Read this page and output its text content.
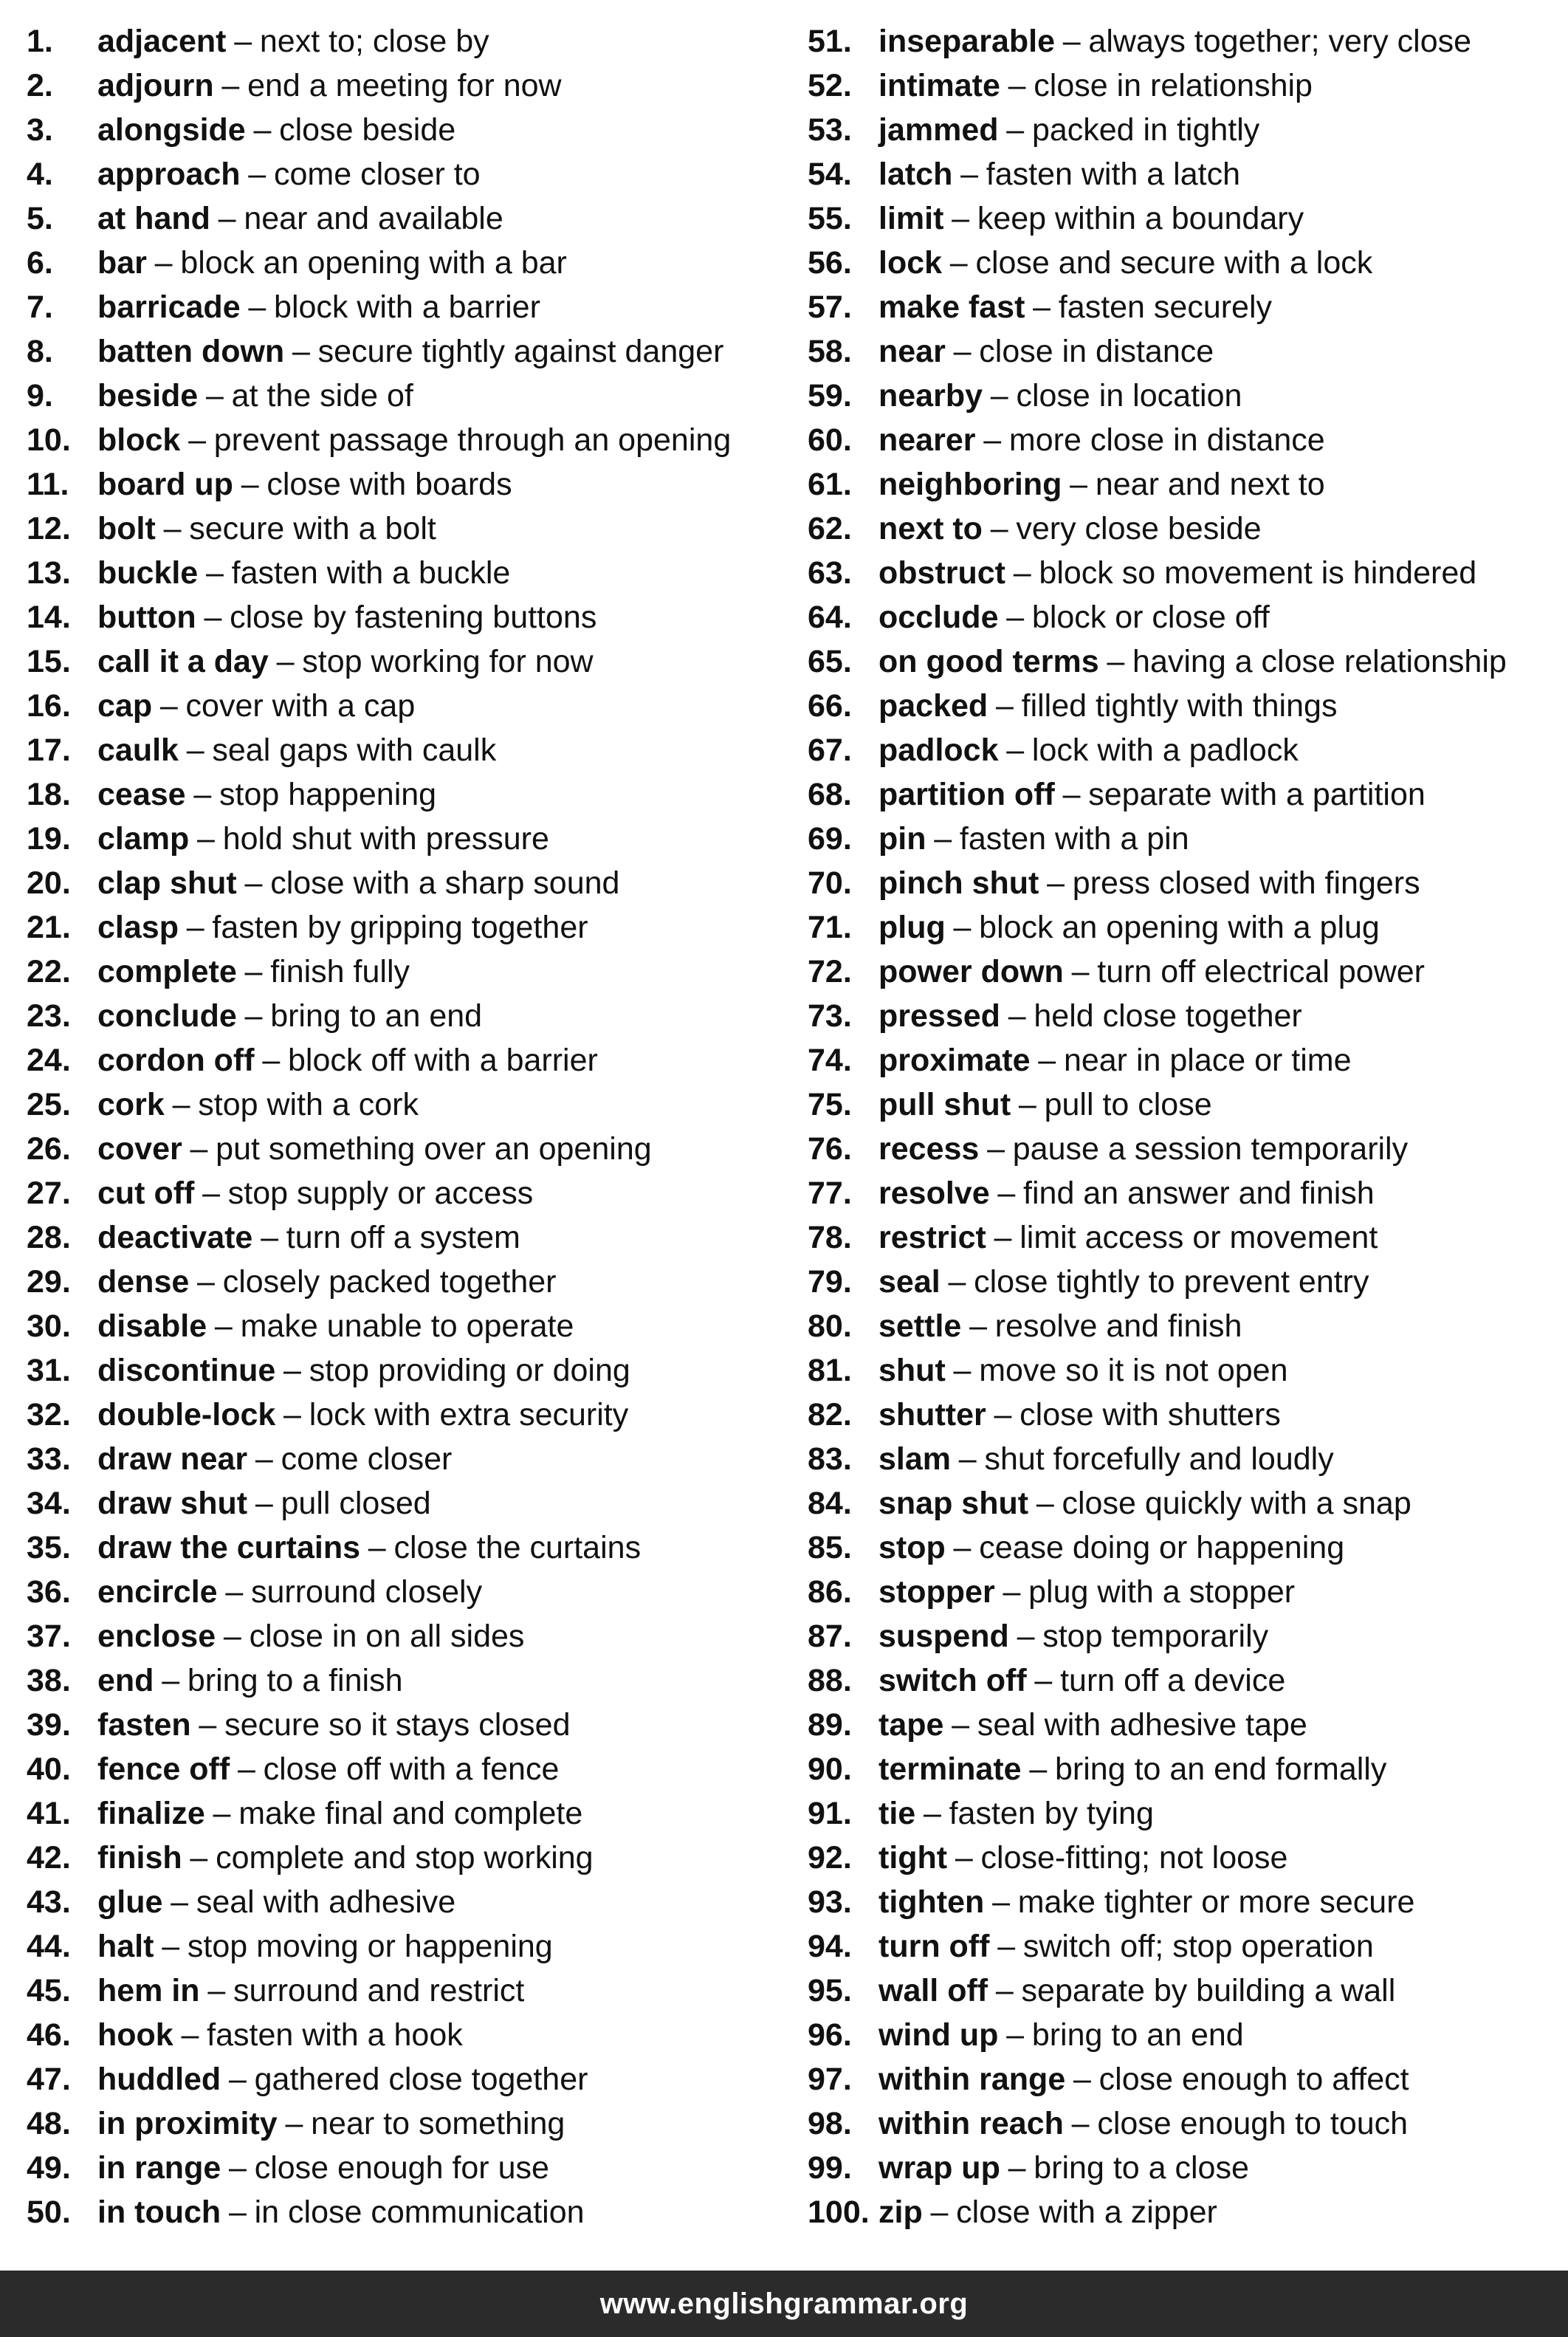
1.	adjacent – next to; close by
2.	adjourn – end a meeting for now
3.	alongside – close beside
4.	approach – come closer to
5.	at hand – near and available
6.	bar – block an opening with a bar
7.	barricade – block with a barrier
8.	batten down – secure tightly against danger
9.	beside – at the side of
10. block – prevent passage through an opening
11. board up – close with boards
12. bolt – secure with a bolt
13. buckle – fasten with a buckle
14. button – close by fastening buttons
15. call it a day – stop working for now
16. cap – cover with a cap
17. caulk – seal gaps with caulk
18. cease – stop happening
19. clamp – hold shut with pressure
20. clap shut – close with a sharp sound
21. clasp – fasten by gripping together
22. complete – finish fully
23. conclude – bring to an end
24. cordon off – block off with a barrier
25. cork – stop with a cork
26. cover – put something over an opening
27. cut off – stop supply or access
28. deactivate – turn off a system
29. dense – closely packed together
30. disable – make unable to operate
31. discontinue – stop providing or doing
32. double-lock – lock with extra security
33. draw near – come closer
34. draw shut – pull closed
35. draw the curtains – close the curtains
36. encircle – surround closely
37. enclose – close in on all sides
38. end – bring to a finish
39. fasten – secure so it stays closed
40. fence off – close off with a fence
41. finalize – make final and complete
42. finish – complete and stop working
43. glue – seal with adhesive
44. halt – stop moving or happening
45. hem in – surround and restrict
46. hook – fasten with a hook
47. huddled – gathered close together
48. in proximity – near to something
49. in range – close enough for use
50. in touch – in close communication
51. inseparable – always together; very close
52. intimate – close in relationship
53. jammed – packed in tightly
54. latch – fasten with a latch
55. limit – keep within a boundary
56. lock – close and secure with a lock
57. make fast – fasten securely
58. near – close in distance
59. nearby – close in location
60. nearer – more close in distance
61. neighboring – near and next to
62. next to – very close beside
63. obstruct – block so movement is hindered
64. occlude – block or close off
65. on good terms – having a close relationship
66. packed – filled tightly with things
67. padlock – lock with a padlock
68. partition off – separate with a partition
69. pin – fasten with a pin
70. pinch shut – press closed with fingers
71. plug – block an opening with a plug
72. power down – turn off electrical power
73. pressed – held close together
74. proximate – near in place or time
75. pull shut – pull to close
76. recess – pause a session temporarily
77. resolve – find an answer and finish
78. restrict – limit access or movement
79. seal – close tightly to prevent entry
80. settle – resolve and finish
81. shut – move so it is not open
82. shutter – close with shutters
83. slam – shut forcefully and loudly
84. snap shut – close quickly with a snap
85. stop – cease doing or happening
86. stopper – plug with a stopper
87. suspend – stop temporarily
88. switch off – turn off a device
89. tape – seal with adhesive tape
90. terminate – bring to an end formally
91. tie – fasten by tying
92. tight – close-fitting; not loose
93. tighten – make tighter or more secure
94. turn off – switch off; stop operation
95. wall off – separate by building a wall
96. wind up – bring to an end
97. within range – close enough to affect
98. within reach – close enough to touch
99. wrap up – bring to a close
100. zip – close with a zipper
www.englishgrammar.org
